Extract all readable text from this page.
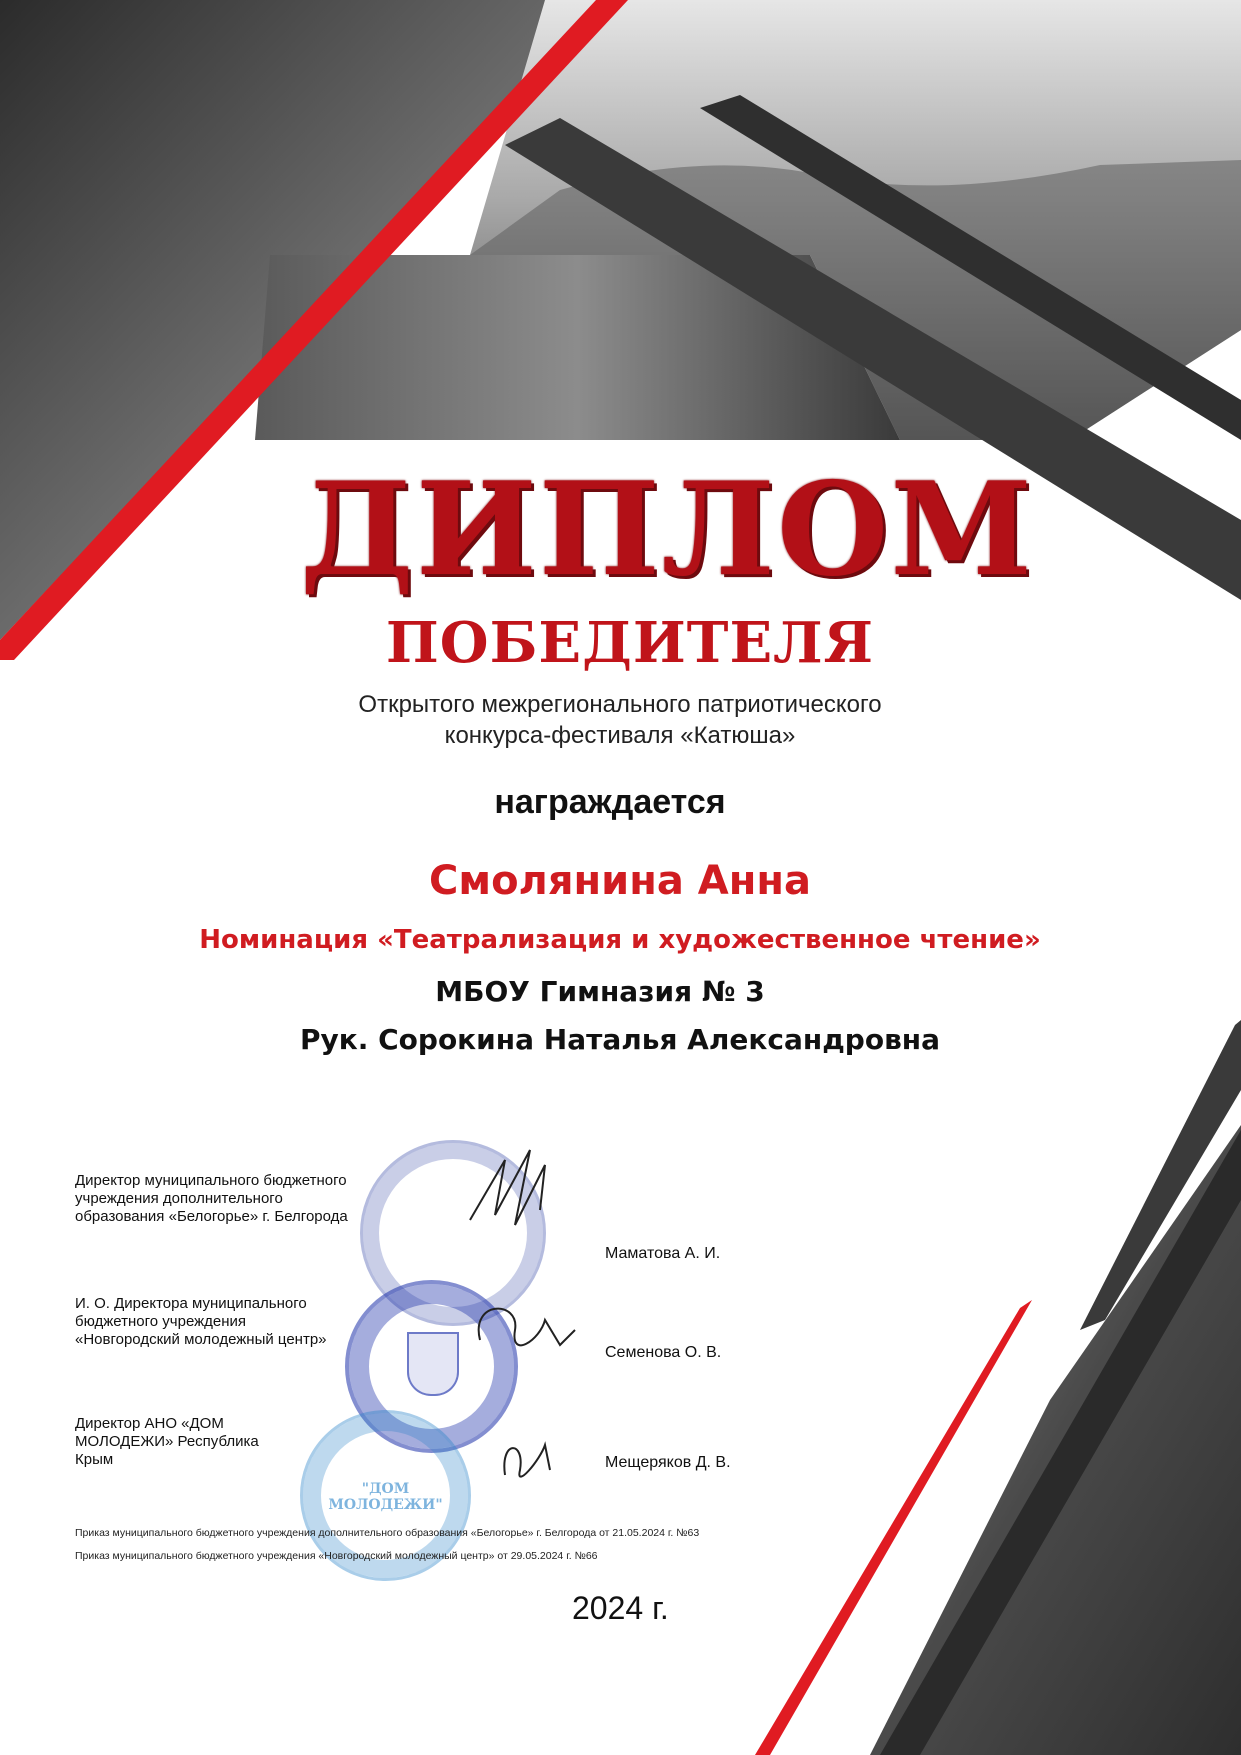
ДИПЛОМ
ПОБЕДИТЕЛЯ
Открытого межрегионального патриотического
конкурса-фестиваля «Катюша»
награждается
Смолянина Анна
Номинация «Театрализация и художественное чтение»
МБОУ Гимназия № 3
Рук. Сорокина Наталья Александровна
"ДОМ МОЛОДЕЖИ"
Директор муниципального бюджетного учреждения дополнительного образования «Белогорье» г. Белгорода
Маматова А. И.
И. О. Директора муниципального бюджетного учреждения «Новгородский молодежный центр»
Семенова О. В.
Директор АНО «ДОМ МОЛОДЕЖИ» Республика Крым	Мещеряков Д. В.
Приказ муниципального бюджетного учреждения дополнительного образования «Белогорье» г. Белгорода от 21.05.2024 г. №63
Приказ муниципального бюджетного учреждения «Новгородский молодежный центр» от 29.05.2024 г. №66
2024 г.
